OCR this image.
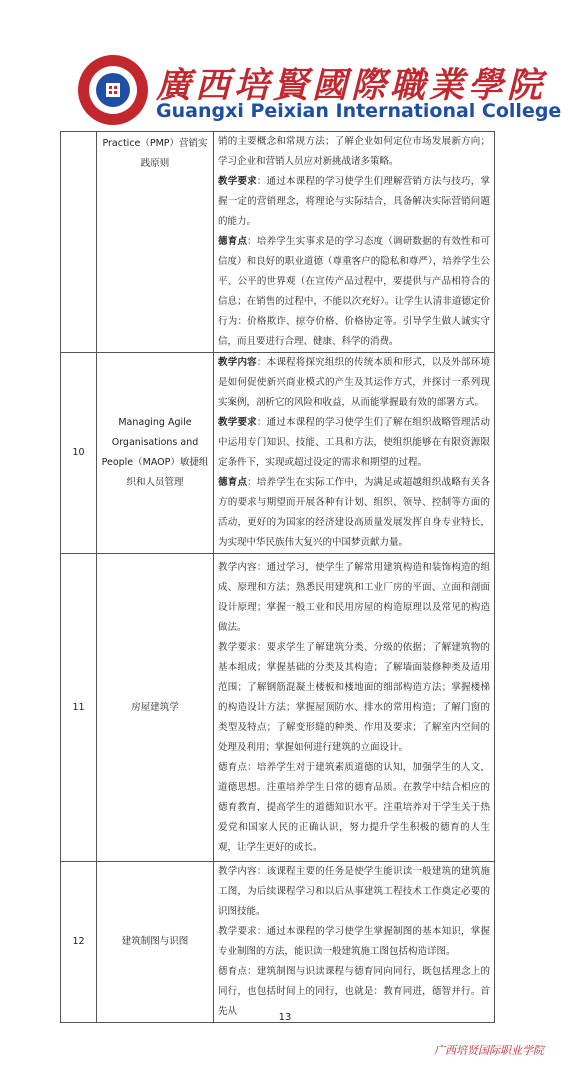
廣西培賢國際職業學院
Guangxi Peixian International College
	Practice（PMP）营销实践原则	销的主要概念和常规方法；了解企业如何定位市场发展新方向；学习企业和营销人员应对新挑战诸多策略。
教学要求：通过本课程的学习使学生们理解营销方法与技巧，掌握一定的营销理念，将理论与实际结合，具备解决实际营销问题的能力。
德育点：培养学生实事求是的学习态度（调研数据的有效性和可信度）和良好的职业道德（尊重客户的隐私和尊严），培养学生公平、公平的世界观（在宣传产品过程中，要提供与产品相符合的信息；在销售的过程中，不能以次充好）。让学生认清非道德定价行为：价格欺诈、掠夺价格、价格协定等。引导学生做人诚实守信，而且要进行合理、健康、科学的消费。
10	Managing Agile Organisations and People（MAOP）敏捷组织和人员管理	教学内容：本课程将探究组织的传统本质和形式，以及外部环境是如何促使新兴商业模式的产生及其运作方式，并探讨一系列现实案例，剖析它的风险和收益，从而能掌握最有效的部署方式。
教学要求：通过本课程的学习使学生们了解在组织战略管理活动中运用专门知识、技能、工具和方法，使组织能够在有限资源限定条件下，实现或超过设定的需求和期望的过程。
德育点：培养学生在实际工作中，为满足或超越组织战略有关各方的要求与期望而开展各种有计划、组织、领导、控制等方面的活动，更好的为国家的经济建设高质量发展发挥自身专业特长，为实现中华民族伟大复兴的中国梦贡献力量。
11	房屋建筑学	教学内容：通过学习，使学生了解常用建筑构造和装饰构造的组成、原理和方法；熟悉民用建筑和工业厂房的平面、立面和剖面设计原理；掌握一般工业和民用房屋的构造原理以及常见的构造做法。
教学要求：要求学生了解建筑分类、分级的依据；了解建筑物的基本组成；掌握基础的分类及其构造；了解墙面装修种类及适用范围；了解钢筋混凝土楼板和楼地面的细部构造方法；掌握楼梯的构造设计方法；掌握屋顶防水、排水的常用构造；了解门窗的类型及特点；了解变形缝的种类、作用及要求；了解室内空间的处理及利用；掌握如何进行建筑的立面设计。
德育点：培养学生对于建筑素质道德的认知，加强学生的人文，道德思想。注重培养学生日常的德育品质。在教学中结合相应的德育教育，提高学生的道德知识水平。注重培养对于学生关于热爱党和国家人民的正确认识，努力提升学生积极的德育的人生观，让学生更好的成长。
12	建筑制图与识图	教学内容：该课程主要的任务是使学生能识读一般建筑的建筑施工图，为后续课程学习和以后从事建筑工程技术工作奠定必要的识图技能。
教学要求：通过本课程的学习使学生掌握制图的基本知识，掌握专业制图的方法，能识读一般建筑施工图包括构造详图。
德育点：建筑制图与识读课程与德育同向同行，既包括理念上的同行，也包括时间上的同行，也就是：教育同进，德智并行。首先从
13
广西培贤国际职业学院
